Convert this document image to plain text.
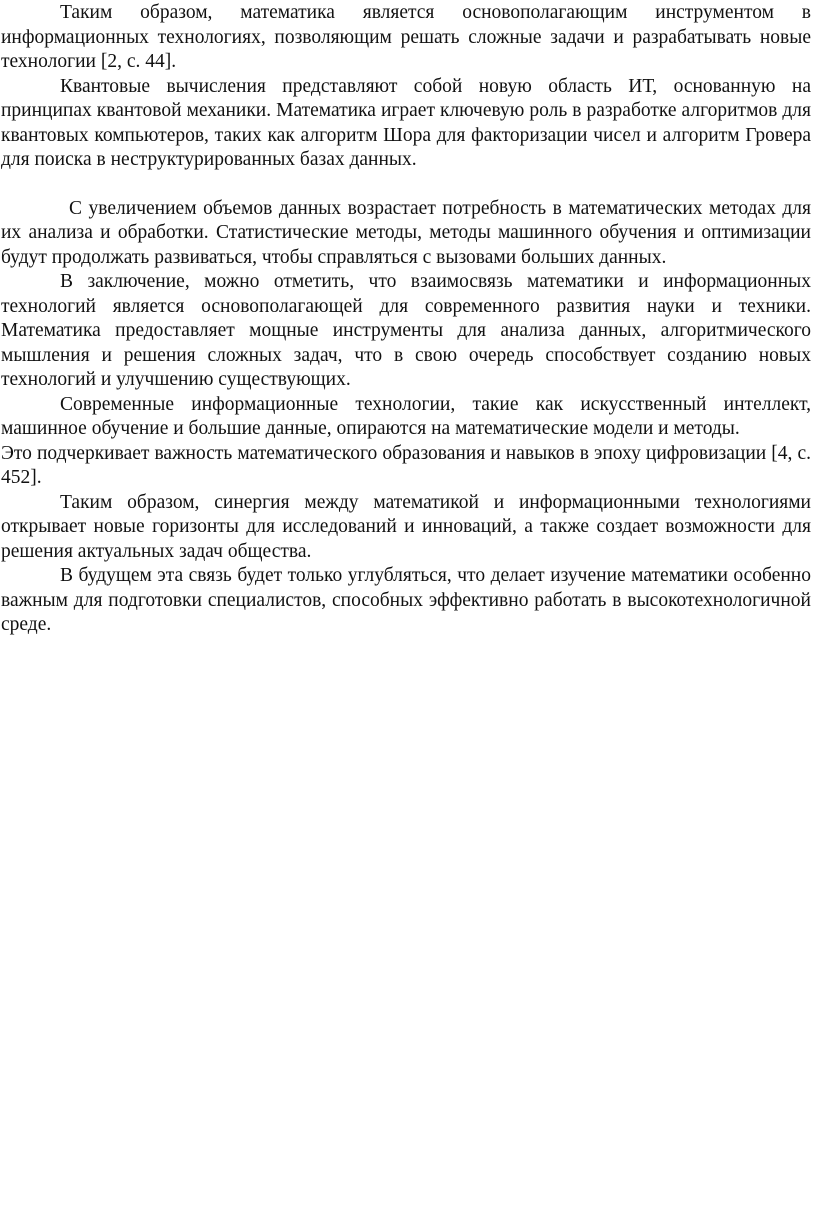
Таким образом, математика является основополагающим инструментом в информационных технологиях, позволяющим решать сложные задачи и разрабатывать новые технологии [2, с. 44].

Квантовые вычисления представляют собой новую область ИТ, основанную на принципах квантовой механики. Математика играет ключевую роль в разработке алгоритмов для квантовых компьютеров, таких как алгоритм Шора для факторизации чисел и алгоритм Гровера для поиска в неструктурированных базах данных.

С увеличением объемов данных возрастает потребность в математических методах для их анализа и обработки. Статистические методы, методы машинного обучения и оптимизации будут продолжать развиваться, чтобы справляться с вызовами больших данных.

В заключение, можно отметить, что взаимосвязь математики и информационных технологий является основополагающей для современного развития науки и техники. Математика предоставляет мощные инструменты для анализа данных, алгоритмического мышления и решения сложных задач, что в свою очередь способствует созданию новых технологий и улучшению существующих.

Современные информационные технологии, такие как искусственный интеллект, машинное обучение и большие данные, опираются на математические модели и методы.

Это подчеркивает важность математического образования и навыков в эпоху цифровизации [4, с. 452].

Таким образом, синергия между математикой и информационными технологиями открывает новые горизонты для исследований и инноваций, а также создает возможности для решения актуальных задач общества.

В будущем эта связь будет только углубляться, что делает изучение математики особенно важным для подготовки специалистов, способных эффективно работать в высокотехнологичной среде.
